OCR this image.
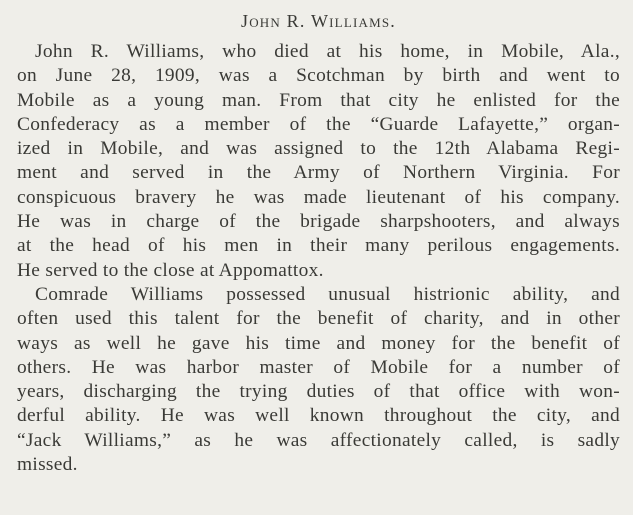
John R. Williams.
John R. Williams, who died at his home, in Mobile, Ala.,
on June 28, 1909, was a Scotchman by birth and went to
Mobile as a young man. From that city he enlisted for the
Confederacy as a member of the “Guarde Lafayette,” organ-
ized in Mobile, and was assigned to the 12th Alabama Regi-
ment and served in the Army of Northern Virginia. For
conspicuous bravery he was made lieutenant of his company.
He was in charge of the brigade sharpshooters, and always
at the head of his men in their many perilous engagements.
He served to the close at Appomattox.
Comrade Williams possessed unusual histrionic ability, and
often used this talent for the benefit of charity, and in other
ways as well he gave his time and money for the benefit of
others. He was harbor master of Mobile for a number of
years, discharging the trying duties of that office with won-
derful ability. He was well known throughout the city, and
“Jack Williams,” as he was affectionately called, is sadly
missed.
